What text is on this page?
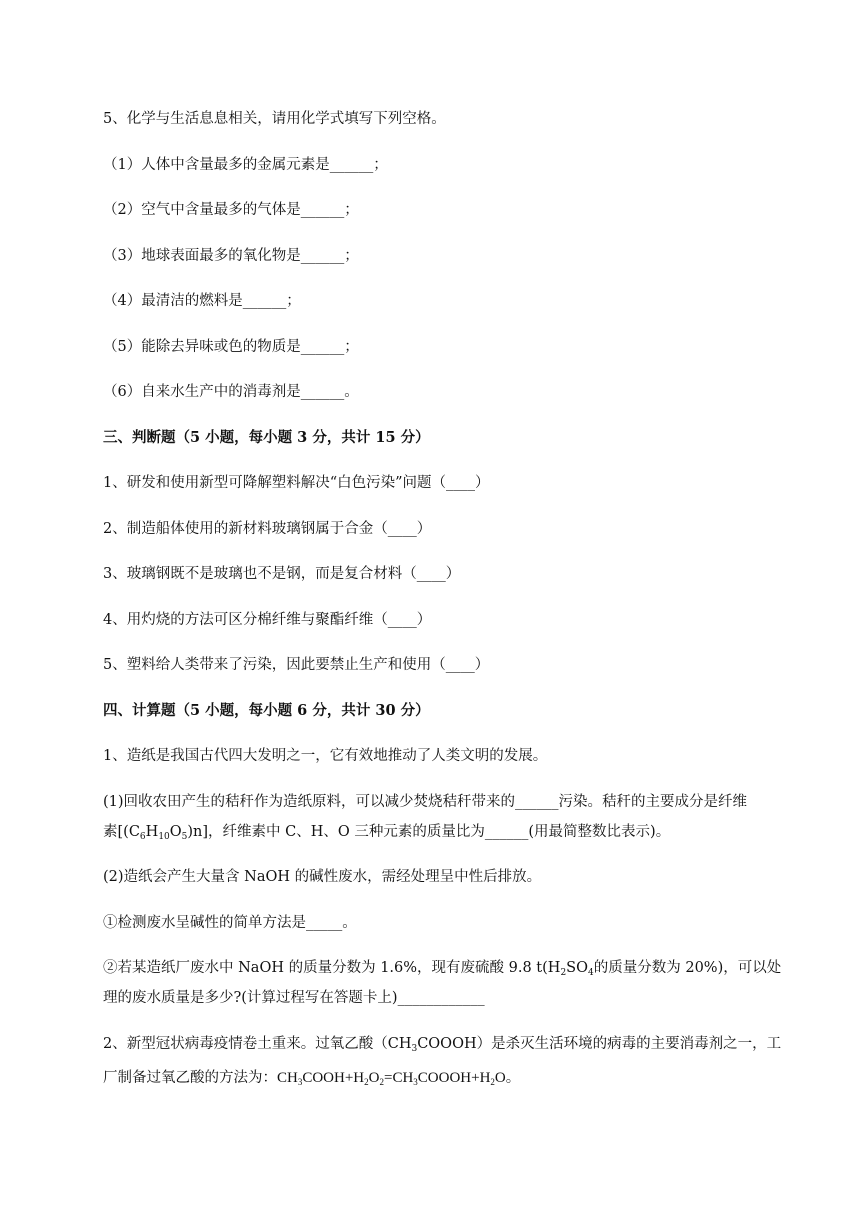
5、化学与生活息息相关，请用化学式填写下列空格。
（1）人体中含量最多的金属元素是______；
（2）空气中含量最多的气体是______；
（3）地球表面最多的氧化物是______；
（4）最清洁的燃料是______；
（5）能除去异味或色的物质是______；
（6）自来水生产中的消毒剂是______。
三、判断题（5 小题，每小题 3 分，共计 15 分）
1、研发和使用新型可降解塑料解决“白色污染”问题（____）
2、制造船体使用的新材料玻璃钢属于合金（____）
3、玻璃钢既不是玻璃也不是钢，而是复合材料（____）
4、用灼烧的方法可区分棉纤维与聚酯纤维（____）
5、塑料给人类带来了污染，因此要禁止生产和使用（____）
四、计算题（5 小题，每小题 6 分，共计 30 分）
1、造纸是我国古代四大发明之一，它有效地推动了人类文明的发展。
(1)回收农田产生的秸秆作为造纸原料，可以减少焚烧秸秆带来的______污染。秸秆的主要成分是纤维
素$[(C_6H_{10}O_5)n]$，纤维素中 C、H、O 三种元素的质量比为______(用最简整数比表示)。
(2)造纸会产生大量含 NaOH 的碱性废水，需经处理呈中性后排放。
①检测废水呈碱性的简单方法是_____。
②若某造纸厂废水中 NaOH 的质量分数为 1.6%，现有废硫酸 9.8 $t(H_2SO_4$的质量分数为 20%)，可以处
理的废水质量是多少?(计算过程写在答题卡上)____________
2、新型冠状病毒疫情卷土重来。过氧乙酸$(CH_3COOOH)$是杀灭生活环境的病毒的主要消毒剂之一，工
厂制备过氧乙酸的方法为：$CH_3COOH+H_2O_2=CH_3COOOH+H_2O$。
